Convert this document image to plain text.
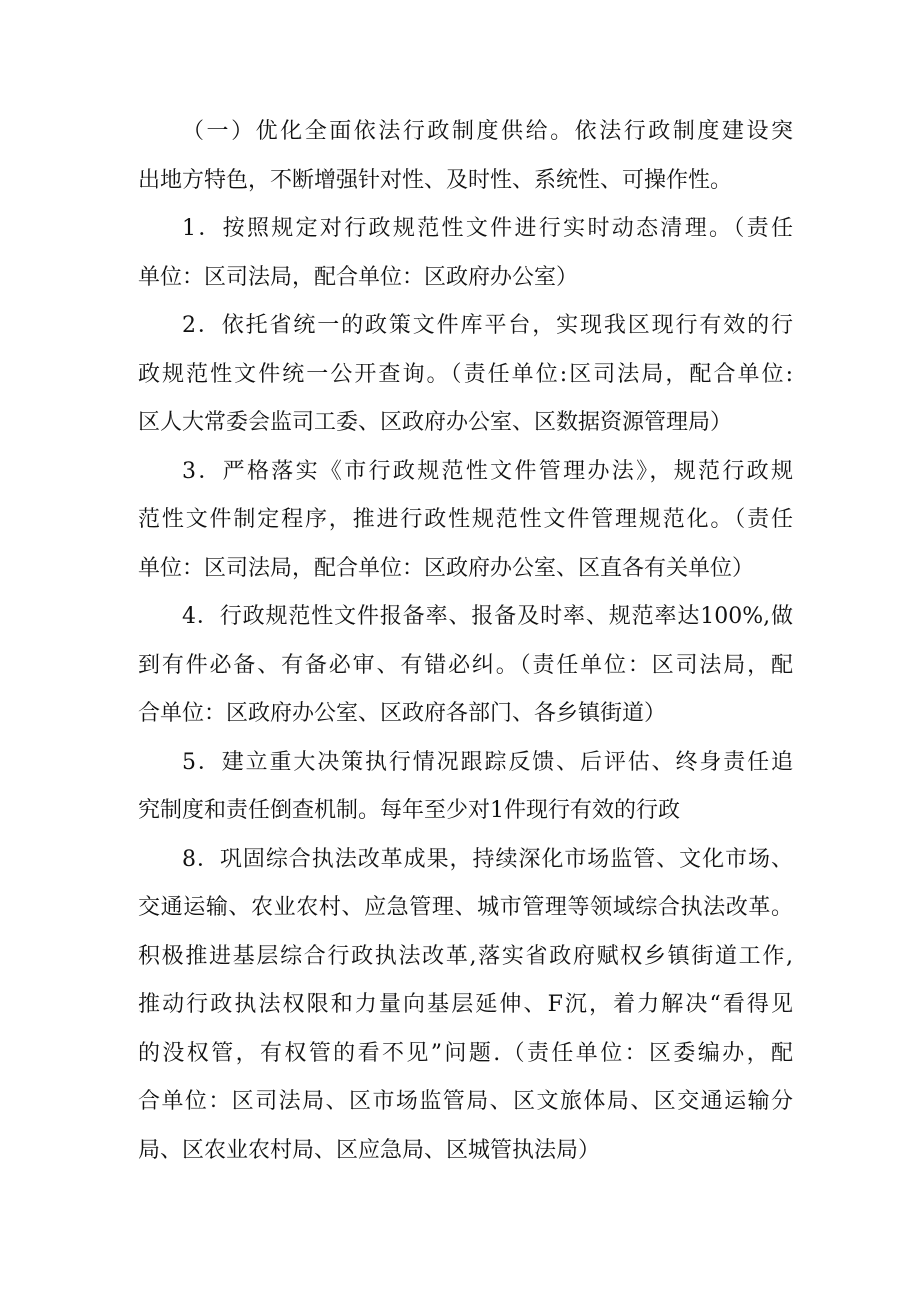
（一）优化全面依法行政制度供给。依法行政制度建设突
出地方特色，不断增强针对性、及时性、系统性、可操作性。
1．按照规定对行政规范性文件进行实时动态清理。（责任
单位：区司法局，配合单位：区政府办公室）
2．依托省统一的政策文件库平台，实现我区现行有效的行
政规范性文件统一公开查询。（责任单位:区司法局，配合单位:
区人大常委会监司工委、区政府办公室、区数据资源管理局）
3．严格落实《市行政规范性文件管理办法》，规范行政规
范性文件制定程序，推进行政性规范性文件管理规范化。（责任
单位：区司法局，配合单位：区政府办公室、区直各有关单位）
4．行政规范性文件报备率、报备及时率、规范率达100%,做
到有件必备、有备必审、有错必纠。（责任单位：区司法局，配
合单位：区政府办公室、区政府各部门、各乡镇街道）
5．建立重大决策执行情况跟踪反馈、后评估、终身责任追
究制度和责任倒查机制。每年至少对1件现行有效的行政
8．巩固综合执法改革成果，持续深化市场监管、文化市场、
交通运输、农业农村、应急管理、城市管理等领域综合执法改革。
积极推进基层综合行政执法改革,落实省政府赋权乡镇街道工作,
推动行政执法权限和力量向基层延伸、F沉，着力解决“看得见
的没权管，有权管的看不见”问题.（责任单位：区委编办，配
合单位：区司法局、区市场监管局、区文旅体局、区交通运输分
局、区农业农村局、区应急局、区城管执法局）
